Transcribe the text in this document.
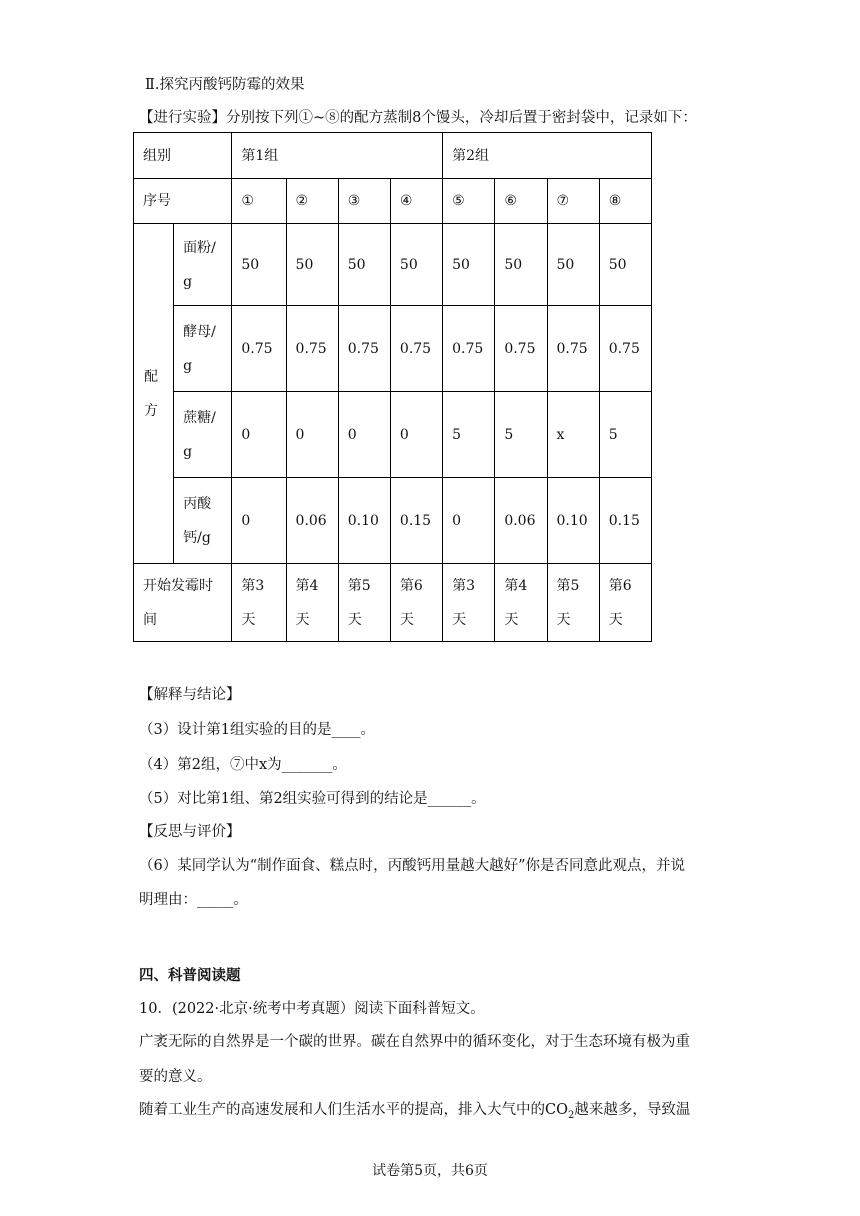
Ⅱ.探究丙酸钙防霉的效果
【进行实验】分别按下列①~⑧的配方蒸制8个馒头，冷却后置于密封袋中，记录如下：
组别		第1组				第2组			
序号		①	②	③	④	⑤	⑥	⑦	⑧
配方	面粉/g	50	50	50	50	50	50	50	50
	酵母/g	0.75	0.75	0.75	0.75	0.75	0.75	0.75	0.75
	蔗糖/g	0	0	0	0	5	5	x	5
	丙酸钙/g	0	0.06	0.10	0.15	0	0.06	0.10	0.15
开始发霉时间		第3天	第4天	第5天	第6天	第3天	第4天	第5天	第6天
【解释与结论】
（3）设计第1组实验的目的是____。
（4）第2组，⑦中x为_______。
（5）对比第1组、第2组实验可得到的结论是______。
【反思与评价】
（6）某同学认为“制作面食、糕点时，丙酸钙用量越大越好”你是否同意此观点，并说
明理由：_____。
四、科普阅读题
10．(2022·北京·统考中考真题）阅读下面科普短文。
广袤无际的自然界是一个碳的世界。碳在自然界中的循环变化，对于生态环境有极为重
要的意义。
随着工业生产的高速发展和人们生活水平的提高，排入大气中的$CO_2$越来越多，导致温
试卷第5页，共6页
